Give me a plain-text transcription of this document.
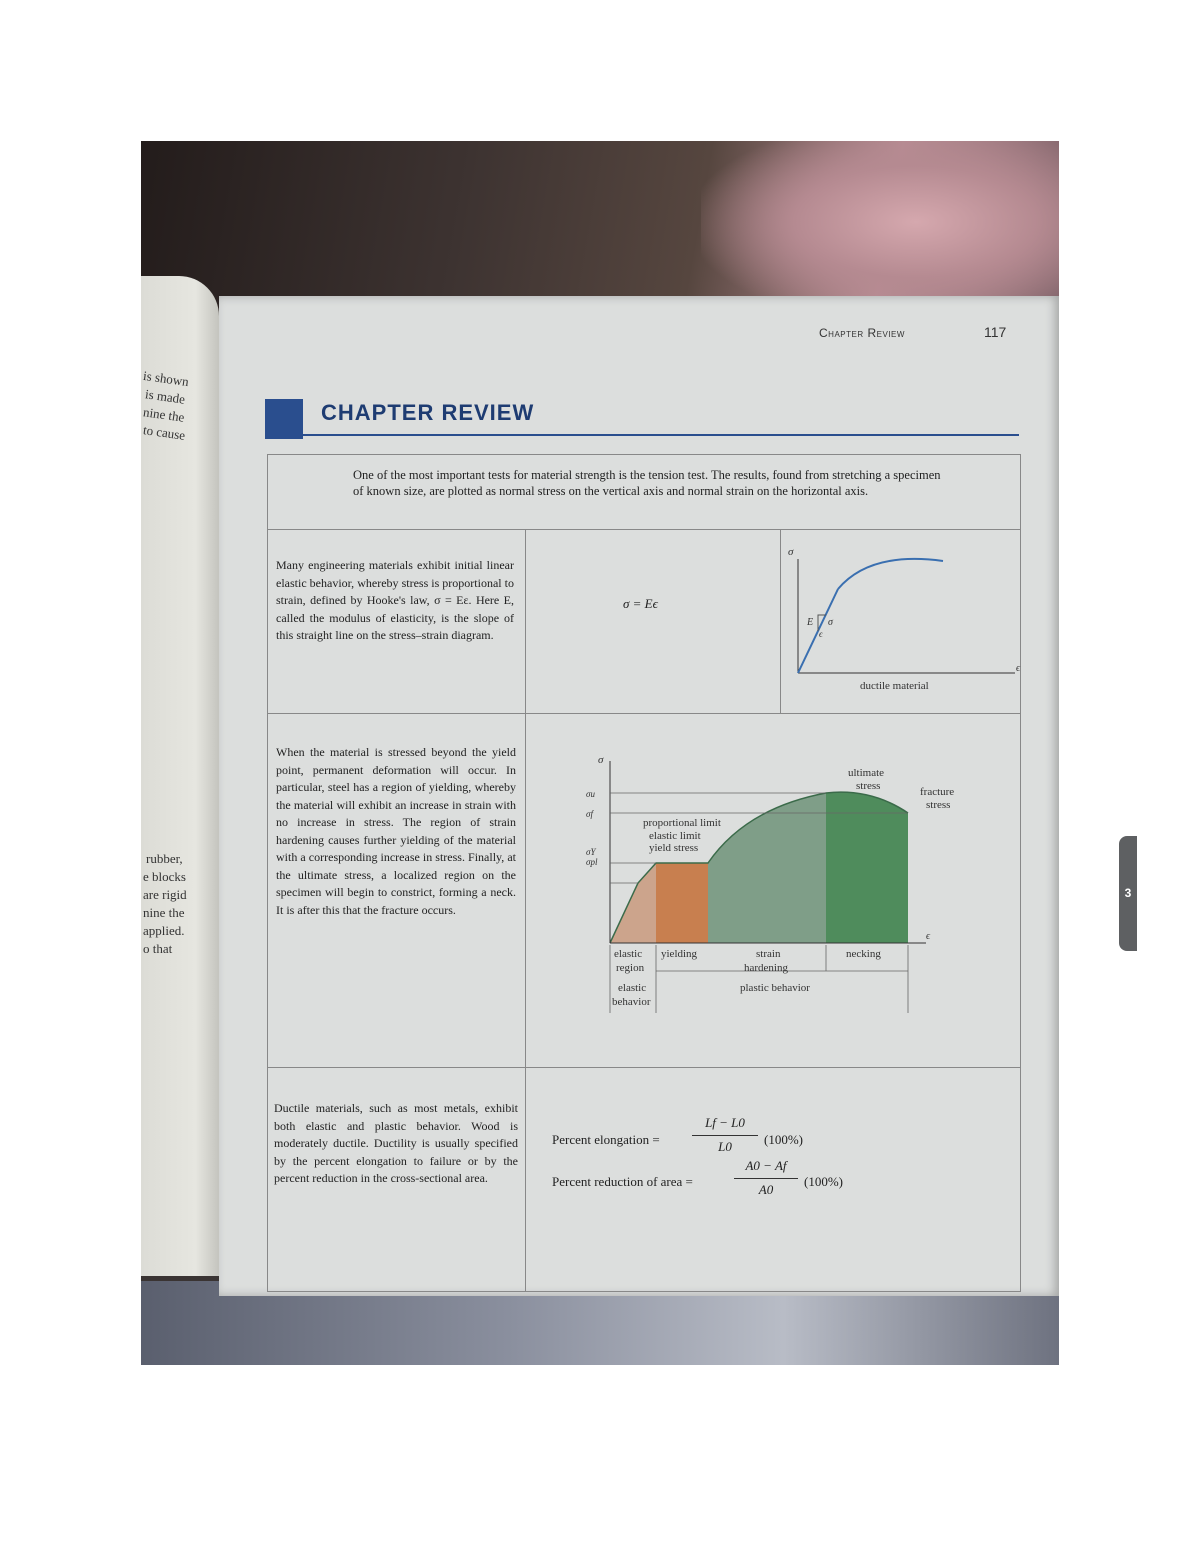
is shown
is made
nine the
to cause
rubber,
e blocks
are rigid
nine the
applied.
o that
Chapter Review	117
CHAPTER REVIEW
One of the most important tests for material strength is the tension test. The results, found from stretching a specimen of known size, are plotted as normal stress on the vertical axis and normal strain on the horizontal axis.
Many engineering materials exhibit initial linear elastic behavior, whereby stress is proportional to strain, defined by Hooke's law, σ = Eε. Here E, called the modulus of elasticity, is the slope of this straight line on the stress–strain diagram.
σ = Eϵ
σ
ϵ
E σ
ϵ
ductile material
When the material is stressed beyond the yield point, permanent deformation will occur. In particular, steel has a region of yielding, whereby the material will exhibit an increase in strain with no increase in stress. The region of strain hardening causes further yielding of the material with a corresponding increase in stress. Finally, at the ultimate stress, a localized region on the specimen will begin to constrict, forming a neck. It is after this that the fracture occurs.
σ
ϵ
σu
σf
σY
σpl
proportional limit
elastic limit
yield stress
ultimate
stress	fracture
stress
elastic
region
yielding	strain
hardening
necking
elastic
behavior
plastic behavior
Ductile materials, such as most metals, exhibit both elastic and plastic behavior. Wood is moderately ductile. Ductility is usually specified by the percent elongation to failure or by the percent reduction in the cross-sectional area.
Percent elongation =
Lf − L0
L0	(100%)
Percent reduction of area =
A0 − Af
A0
(100%)
3
